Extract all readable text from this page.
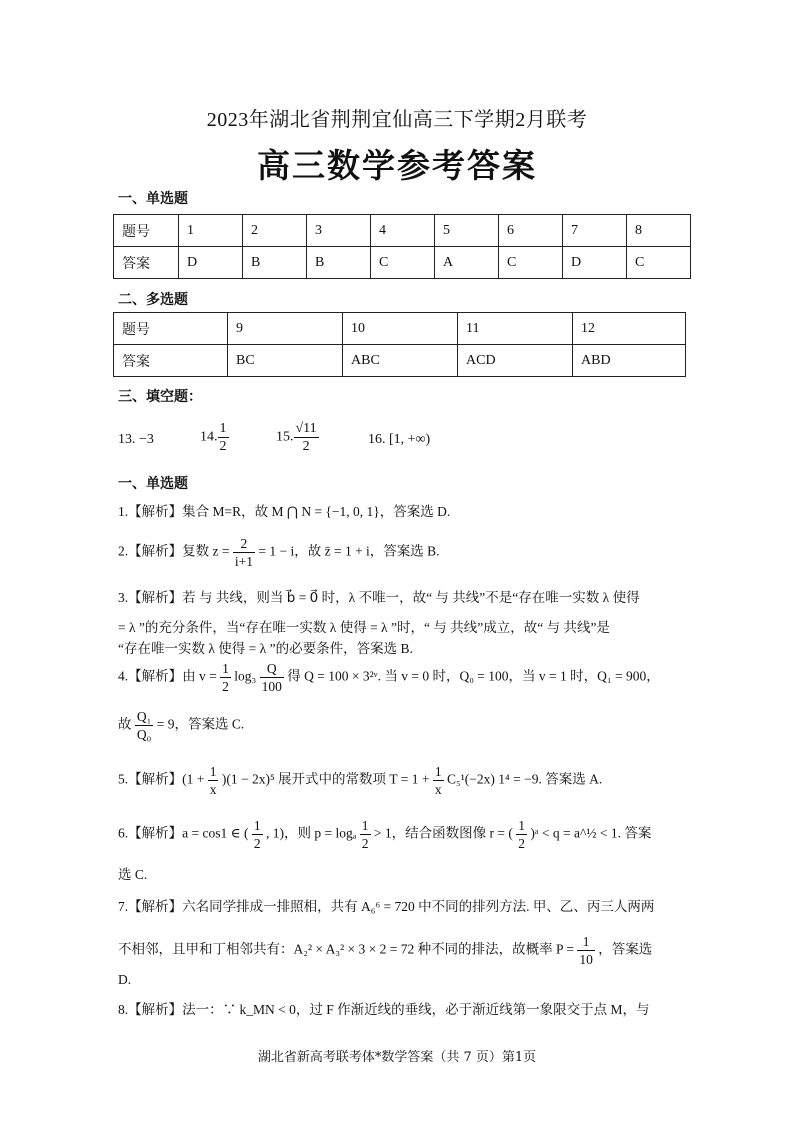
2023年湖北省荆荆宜仙高三下学期2月联考
高三数学参考答案
一、单选题
题号	1	2	3	4	5	6	7	8
答案	D	B	B	C	A	C	D	C
二、多选题
题号	9	10	11	12
答案	BC	ABC	ACD	ABD
三、填空题：
13. −3	14. $\frac{1}{2}$	15. $\frac{√11}{2}$	16. [1, +∞)
一、单选题
1.【解析】集合 M=R，故 M ⋂ N = {−1, 0, 1}，答案选 D.
2.【解析】复数 $z = \frac{2}{i+1} = 1 - i$，故 z̄ = 1 + i，答案选 B.
3.【解析】若 与 共线，则当 b⃗ = 0⃗ 时，λ 不唯一，故“ 与 共线”不是“存在唯一实数 λ 使得
= λ ”的充分条件，当“存在唯一实数 λ 使得 = λ ”时，“ 与 共线”成立，故“ 与 共线”是
“存在唯一实数 λ 使得 = λ ”的必要条件，答案选 B.
4.【解析】由 $v = \frac{1}{2} \log_3 \frac{Q}{100}$ 得 Q = 100 × 3²ᵛ. 当 v = 0 时，Q₀ = 100，当 v = 1 时，Q₁ = 900，
故 $\frac{\text{Q₁}}{\text{Q₀}} = 9$，答案选 C.
5.【解析】$(1 + \frac{1}{x} )(1 - 2x)^5$ 展开式中的常数项 $T = 1 + \frac{1}{x} C_5^1(-2x) 1^4 = -9$. 答案选 A.
6.【解析】a = cos1 ∈ ( $\frac{1}{2}$ , 1)，则 p = logₐ $\frac{1}{2} > 1$，结合函数图像 r = ( $\frac{1}{2}$ )ᵃ < q = a^½ < 1. 答案
选 C.
7.【解析】六名同学排成一排照相，共有 A₆⁶ = 720 中不同的排列方法. 甲、乙、丙三人两两
不相邻，且甲和丁相邻共有：A₂² × A₃² × 3 × 2 = 72 种不同的排法，故概率 $P = \frac{1}{10}$ ，答案选
D.
8.【解析】法一：∵ k_MN < 0，过 F 作渐近线的垂线，必于渐近线第一象限交于点 M，与
湖北省新高考联考体*数学答案（共 7 页）第1页
